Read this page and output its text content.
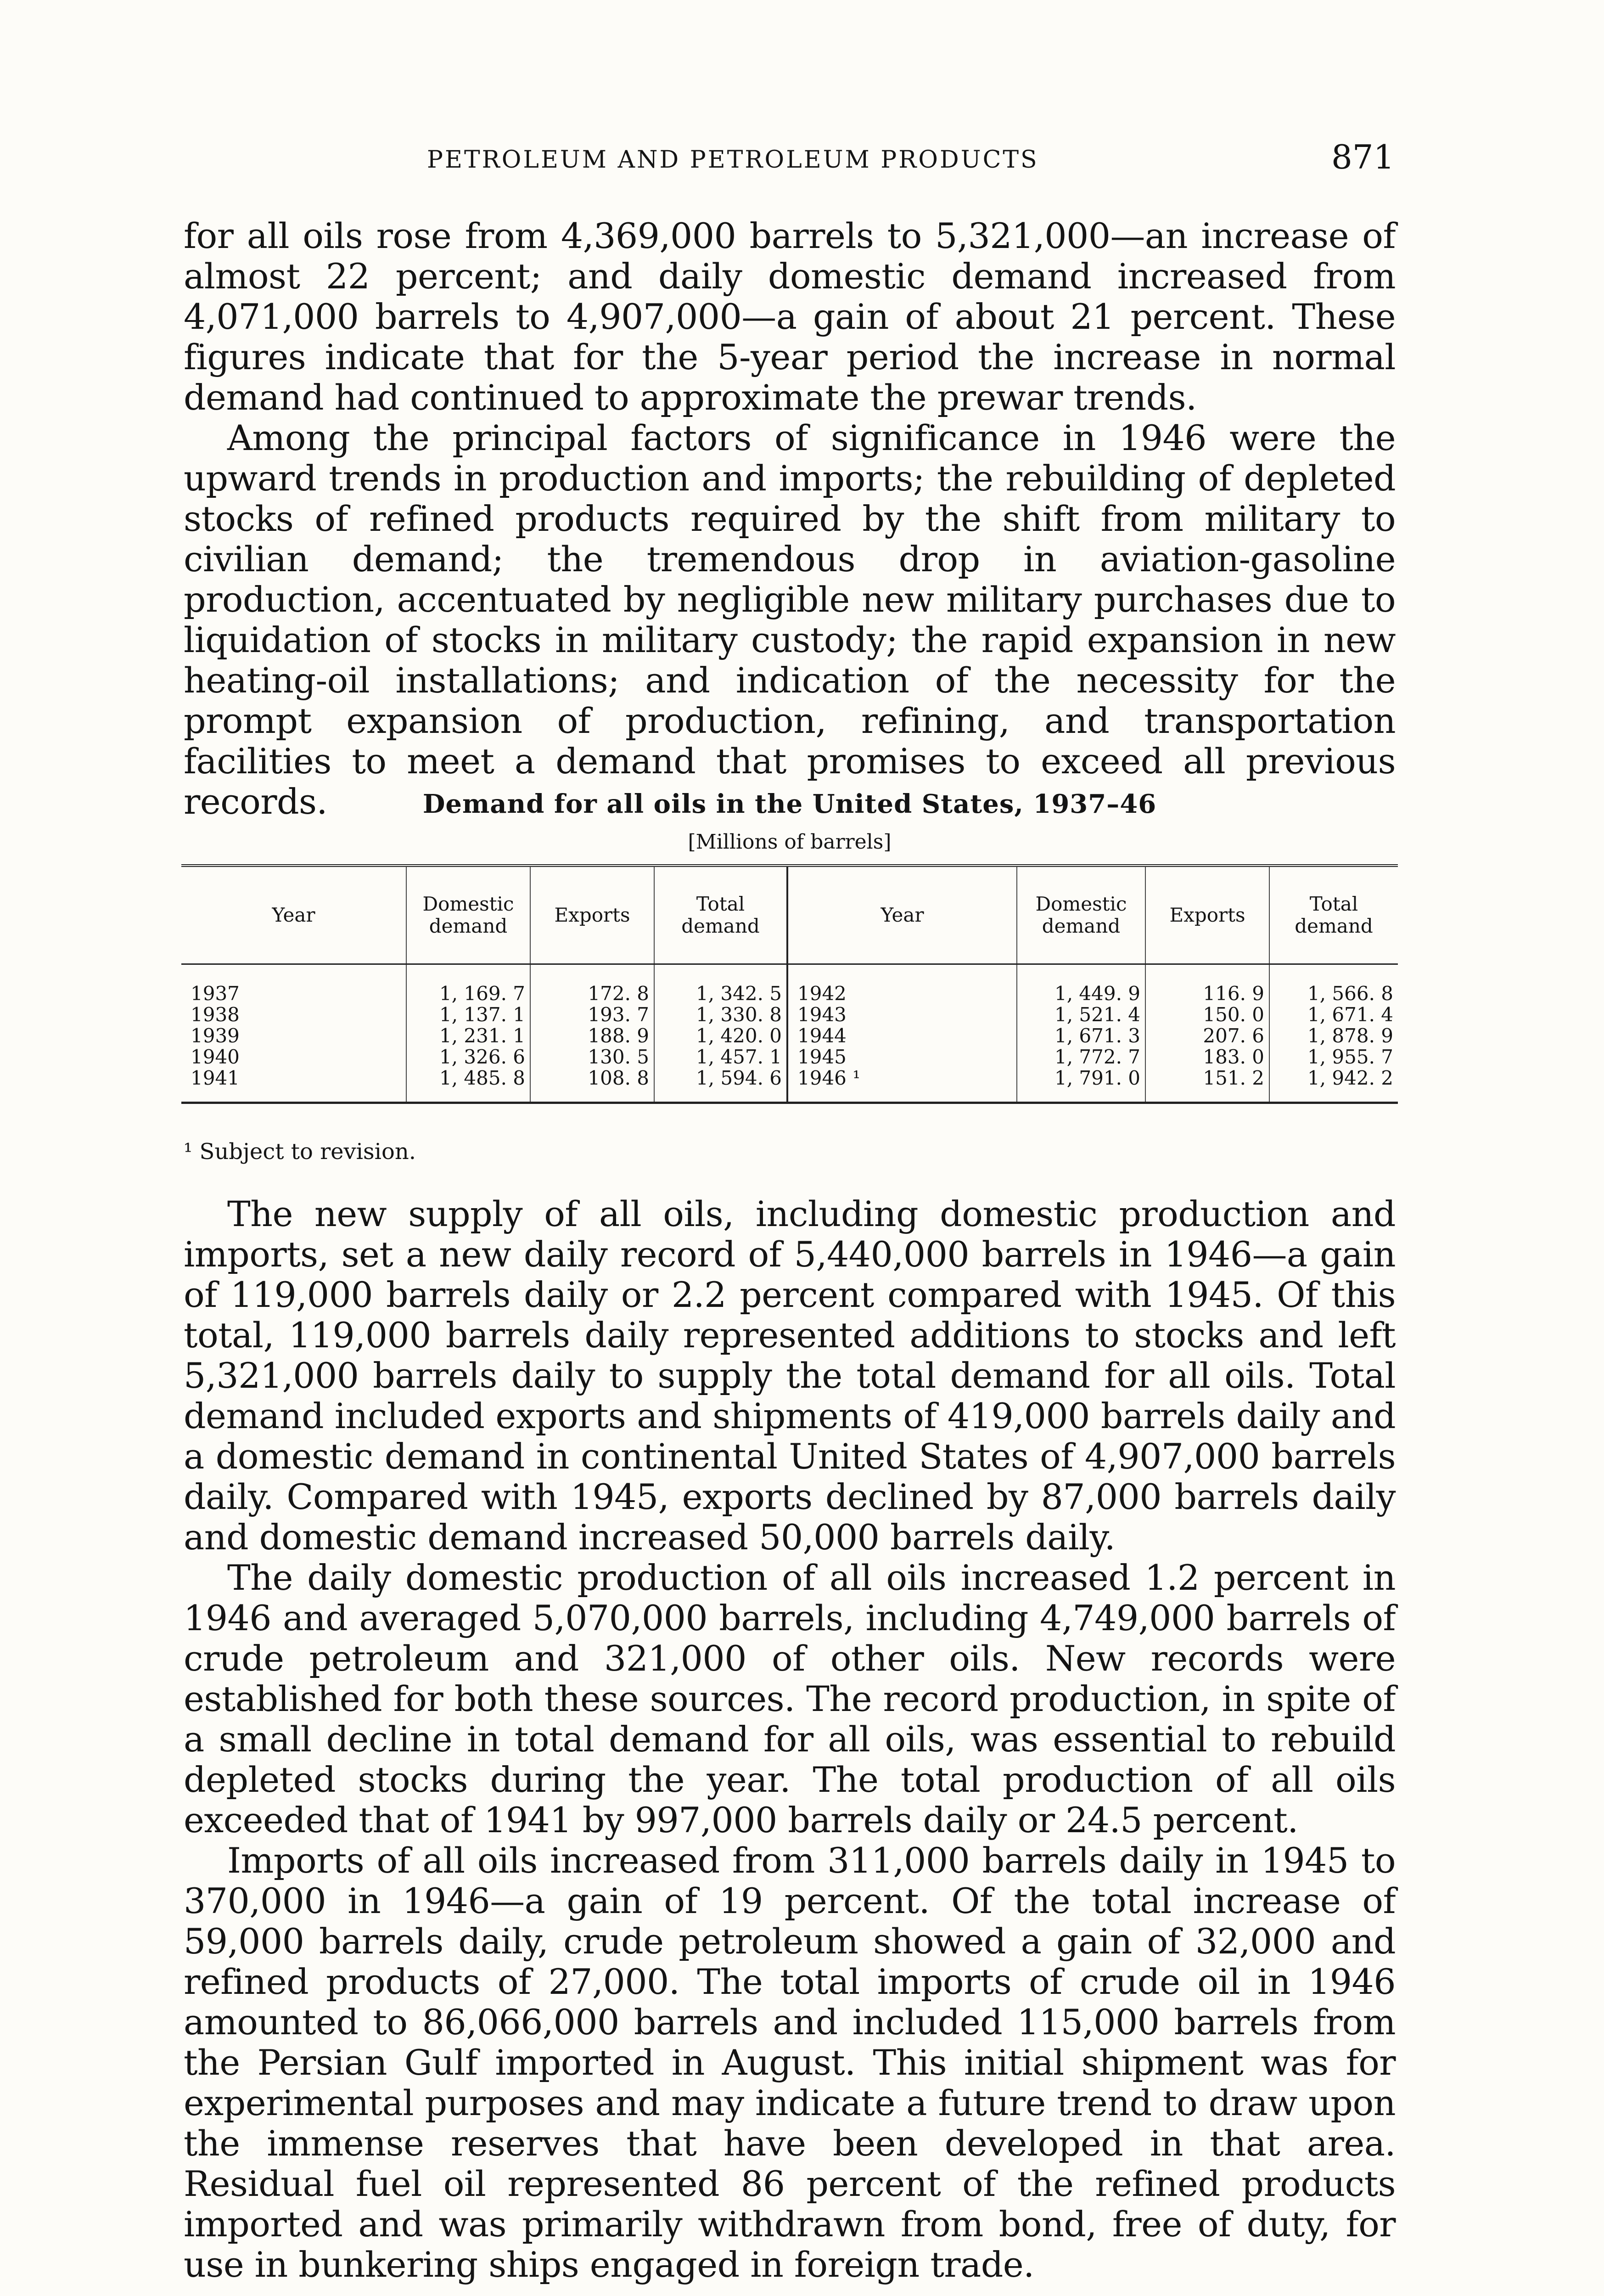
PETROLEUM AND PETROLEUM PRODUCTS	871

for all oils rose from 4,369,000 barrels to 5,321,000—an increase of almost 22 percent; and daily domestic demand increased from 4,071,000 barrels to 4,907,000—a gain of about 21 percent. These figures indicate that for the 5-year period the increase in normal demand had continued to approximate the prewar trends.

Among the principal factors of significance in 1946 were the upward trends in production and imports; the rebuilding of depleted stocks of refined products required by the shift from military to civilian demand; the tremendous drop in aviation-gasoline production, accentuated by negligible new military purchases due to liquidation of stocks in military custody; the rapid expansion in new heating-oil installations; and indication of the necessity for the prompt expansion of production, refining, and transportation facilities to meet a demand that promises to exceed all previous records.	Demand for all oils in the United States, 1937–46
[Millions of barrels]
Year	Domestic demand	Exports	Total demand	Year	Domestic demand	Exports	Total demand
1937	1, 169. 7	172. 8	1, 342. 5	1942	1, 449. 9	116. 9	1, 566. 8
1938	1, 137. 1	193. 7	1, 330. 8	1943	1, 521. 4	150. 0	1, 671. 4
1939	1, 231. 1	188. 9	1, 420. 0	1944	1, 671. 3	207. 6	1, 878. 9
1940	1, 326. 6	130. 5	1, 457. 1	1945	1, 772. 7	183. 0	1, 955. 7
1941	1, 485. 8	108. 8	1, 594. 6	1946 ¹	1, 791. 0	151. 2	1, 942. 2

¹ Subject to revision.

The new supply of all oils, including domestic production and imports, set a new daily record of 5,440,000 barrels in 1946—a gain of 119,000 barrels daily or 2.2 percent compared with 1945. Of this total, 119,000 barrels daily represented additions to stocks and left 5,321,000 barrels daily to supply the total demand for all oils. Total demand included exports and shipments of 419,000 barrels daily and a domestic demand in continental United States of 4,907,000 barrels daily. Compared with 1945, exports declined by 87,000 barrels daily and domestic demand increased 50,000 barrels daily.

The daily domestic production of all oils increased 1.2 percent in 1946 and averaged 5,070,000 barrels, including 4,749,000 barrels of crude petroleum and 321,000 of other oils. New records were established for both these sources. The record production, in spite of a small decline in total demand for all oils, was essential to rebuild depleted stocks during the year. The total production of all oils exceeded that of 1941 by 997,000 barrels daily or 24.5 percent.

Imports of all oils increased from 311,000 barrels daily in 1945 to 370,000 in 1946—a gain of 19 percent. Of the total increase of 59,000 barrels daily, crude petroleum showed a gain of 32,000 and refined products of 27,000. The total imports of crude oil in 1946 amounted to 86,066,000 barrels and included 115,000 barrels from the Persian Gulf imported in August. This initial shipment was for experimental purposes and may indicate a future trend to draw upon the immense reserves that have been developed in that area. Residual fuel oil represented 86 percent of the refined products imported and was primarily withdrawn from bond, free of duty, for use in bunkering ships engaged in foreign trade.
